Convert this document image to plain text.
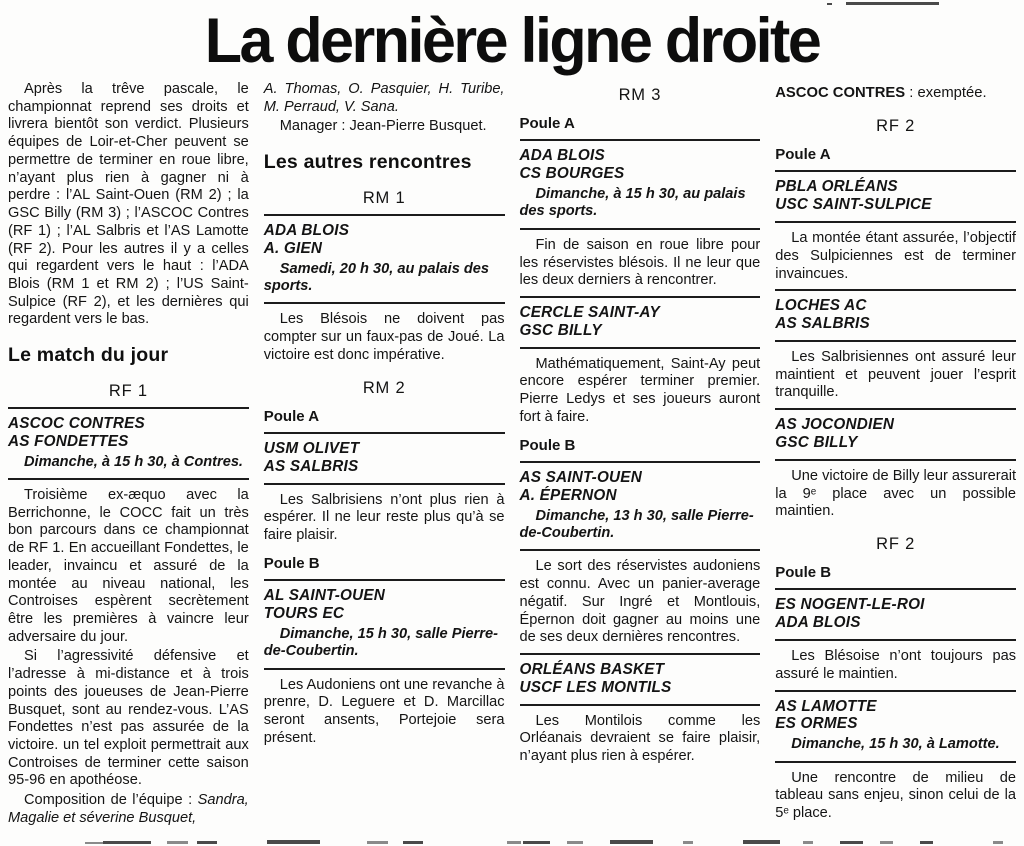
La dernière ligne droite

Après la trêve pascale, le championnat reprend ses droits et livrera bientôt son verdict. Plusieurs équipes de Loir-et-Cher peuvent se permettre de terminer en roue libre, n’ayant plus rien à gagner ni à perdre : l’AL Saint-Ouen (RM 2) ; la GSC Billy (RM 3) ; l’ASCOC Contres (RF 1) ; l’AL Salbris et l’AS Lamotte (RF 2). Pour les autres il y a celles qui regardent vers le haut : l’ADA Blois (RM 1 et RM 2) ; l’US Saint-Sulpice (RF 2), et les dernières qui regardent vers le bas.

Le match du jour
RF 1
ASCOC CONTRES
AS FONDETTES
Dimanche, à 15 h 30, à Contres.

Troisième ex-æquo avec la Berrichonne, le COCC fait un très bon parcours dans ce championnat de RF 1. En accueillant Fondettes, le leader, invaincu et assuré de la montée au niveau national, les Controises espèrent secrètement être les premières à vaincre leur adversaire du jour.

Si l’agressivité défensive et l’adresse à mi-distance et à trois points des joueuses de Jean-Pierre Busquet, sont au rendez-vous. L’AS Fondettes n’est pas assurée de la victoire. un tel exploit permettrait aux Controises de terminer cette saison 95-96 en apothéose.

Composition de l’équipe : Sandra, Magalie et séverine Busquet,

A. Thomas, O. Pasquier, H. Turibe, M. Perraud, V. Sana.

Manager : Jean-Pierre Busquet.

Les autres rencontres
RM 1
ADA BLOIS
A. GIEN
Samedi, 20 h 30, au palais des sports.

Les Blésois ne doivent pas compter sur un faux-pas de Joué. La victoire est donc impérative.

RM 2
Poule A
USM OLIVET
AS SALBRIS

Les Salbrisiens n’ont plus rien à espérer. Il ne leur reste plus qu’à se faire plaisir.

Poule B
AL SAINT-OUEN
TOURS EC
Dimanche, 15 h 30, salle Pierre-de-Coubertin.

Les Audoniens ont une revanche à prenre, D. Leguere et D. Marcillac seront ansents, Portejoie sera présent.

RM 3
Poule A
ADA BLOIS
CS BOURGES
Dimanche, à 15 h 30, au palais des sports.

Fin de saison en roue libre pour les réservistes blésois. Il ne leur que les deux derniers à rencontrer.

CERCLE SAINT-AY
GSC BILLY

Mathématiquement, Saint-Ay peut encore espérer terminer premier. Pierre Ledys et ses joueurs auront fort à faire.

Poule B
AS SAINT-OUEN
A. ÉPERNON
Dimanche, 13 h 30, salle Pierre-de-Coubertin.

Le sort des réservistes audoniens est connu. Avec un panier-average négatif. Sur Ingré et Montlouis, Épernon doit gagner au moins une de ses deux dernières rencontres.

ORLÉANS BASKET
USCF LES MONTILS

Les Montilois comme les Orléanais devraient se faire plaisir, n’ayant plus rien à espérer.

ASCOC CONTRES : exemptée.

RF 2
Poule A
PBLA ORLÉANS
USC SAINT-SULPICE

La montée étant assurée, l’objectif des Sulpiciennes est de terminer invaincues.

LOCHES AC
AS SALBRIS

Les Salbrisiennes ont assuré leur maintient et peuvent jouer l’esprit tranquille.

AS JOCONDIEN
GSC BILLY

Une victoire de Billy leur assurerait la 9ᵉ place avec un possible maintien.

RF 2
Poule B
ES NOGENT-LE-ROI
ADA BLOIS

Les Blésoise n’ont toujours pas assuré le maintien.

AS LAMOTTE
ES ORMES
Dimanche, 15 h 30, à Lamotte.

Une rencontre de milieu de tableau sans enjeu, sinon celui de la 5ᵉ place.
